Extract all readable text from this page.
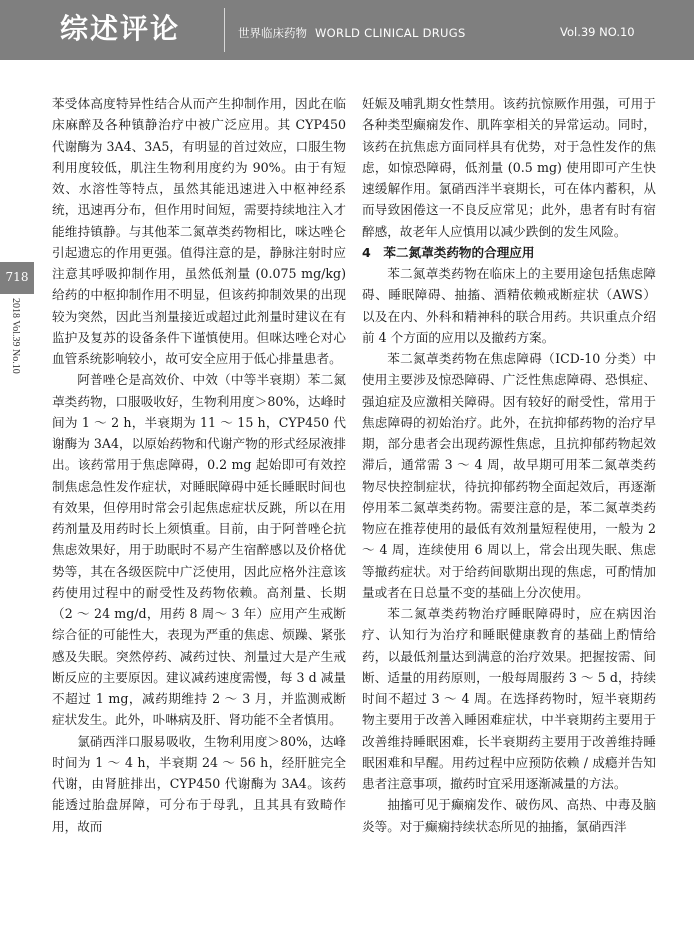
综述评论	世界临床药物 WORLD CLINICAL DRUGS	Vol.39 NO.10
718
2018 Vol.39 No.10

苯受体高度特异性结合从而产生抑制作用，因此在临床麻醉及各种镇静治疗中被广泛应用。其 CYP450 代谢酶为 3A4、3A5，有明显的首过效应，口服生物利用度较低，肌注生物利用度约为 90%。由于有短效、水溶性等特点，虽然其能迅速进入中枢神经系统，迅速再分布，但作用时间短，需要持续地注入才能维持镇静。与其他苯二氮䓬类药物相比，咪达唑仑引起遗忘的作用更强。值得注意的是，静脉注射时应注意其呼吸抑制作用，虽然低剂量 (0.075 mg/kg) 给药的中枢抑制作用不明显，但该药抑制效果的出现较为突然，因此当剂量接近或超过此剂量时建议在有监护及复苏的设备条件下谨慎使用。但咪达唑仑对心血管系统影响较小，故可安全应用于低心排量患者。

阿普唑仑是高效价、中效（中等半衰期）苯二氮䓬类药物，口服吸收好，生物利用度＞80%，达峰时间为 1 ～ 2 h，半衰期为 11 ～ 15 h，CYP450 代谢酶为 3A4，以原始药物和代谢产物的形式经尿液排出。该药常用于焦虑障碍，0.2 mg 起始即可有效控制焦虑急性发作症状，对睡眠障碍中延长睡眠时间也有效果，但停用时常会引起焦虑症状反跳，所以在用药剂量及用药时长上须慎重。目前，由于阿普唑仑抗焦虑效果好，用于助眠时不易产生宿醉感以及价格优势等，其在各级医院中广泛使用，因此应格外注意该药使用过程中的耐受性及药物依赖。高剂量、长期（2 ～ 24 mg/d，用药 8 周～ 3 年）应用产生戒断综合征的可能性大，表现为严重的焦虑、烦躁、紧张感及失眠。突然停药、减药过快、剂量过大是产生戒断反应的主要原因。建议减药速度需慢，每 3 d 减量不超过 1 mg，减药期维持 2 ～ 3 月，并监测戒断症状发生。此外，卟啉病及肝、肾功能不全者慎用。

氯硝西泮口服易吸收，生物利用度＞80%，达峰时间为 1 ～ 4 h，半衰期 24 ～ 56 h，经肝脏完全代谢，由肾脏排出，CYP450 代谢酶为 3A4。该药能透过胎盘屏障，可分布于母乳，且其具有致畸作用，故而

妊娠及哺乳期女性禁用。该药抗惊厥作用强，可用于各种类型癫痫发作、肌阵挛相关的异常运动。同时，该药在抗焦虑方面同样具有优势，对于急性发作的焦虑，如惊恐障碍，低剂量 (0.5 mg) 使用即可产生快速缓解作用。氯硝西泮半衰期长，可在体内蓄积，从而导致困倦这一不良反应常见；此外，患者有时有宿醉感，故老年人应慎用以减少跌倒的发生风险。

4　苯二氮䓬类药物的合理应用

苯二氮䓬类药物在临床上的主要用途包括焦虑障碍、睡眠障碍、抽搐、酒精依赖戒断症状（AWS）以及在内、外科和精神科的联合用药。共识重点介绍前 4 个方面的应用以及撤药方案。

苯二氮䓬类药物在焦虑障碍（ICD-10 分类）中使用主要涉及惊恐障碍、广泛性焦虑障碍、恐惧症、强迫症及应激相关障碍。因有较好的耐受性，常用于焦虑障碍的初始治疗。此外，在抗抑郁药物的治疗早期，部分患者会出现药源性焦虑，且抗抑郁药物起效滞后，通常需 3 ～ 4 周，故早期可用苯二氮䓬类药物尽快控制症状，待抗抑郁药物全面起效后，再逐渐停用苯二氮䓬类药物。需要注意的是，苯二氮䓬类药物应在推荐使用的最低有效剂量短程使用，一般为 2 ～ 4 周，连续使用 6 周以上，常会出现失眠、焦虑等撤药症状。对于给药间歇期出现的焦虑，可酌情加量或者在日总量不变的基础上分次使用。

苯二氮䓬类药物治疗睡眠障碍时，应在病因治疗、认知行为治疗和睡眠健康教育的基础上酌情给药，以最低剂量达到满意的治疗效果。把握按需、间断、适量的用药原则，一般每周服药 3 ～ 5 d，持续时间不超过 3 ～ 4 周。在选择药物时，短半衰期药物主要用于改善入睡困难症状，中半衰期药主要用于改善维持睡眠困难，长半衰期药主要用于改善维持睡眠困难和早醒。用药过程中应预防依赖 / 成瘾并告知患者注意事项，撤药时宜采用逐渐减量的方法。

抽搐可见于癫痫发作、破伤风、高热、中毒及脑炎等。对于癫痫持续状态所见的抽搐，氯硝西泮
